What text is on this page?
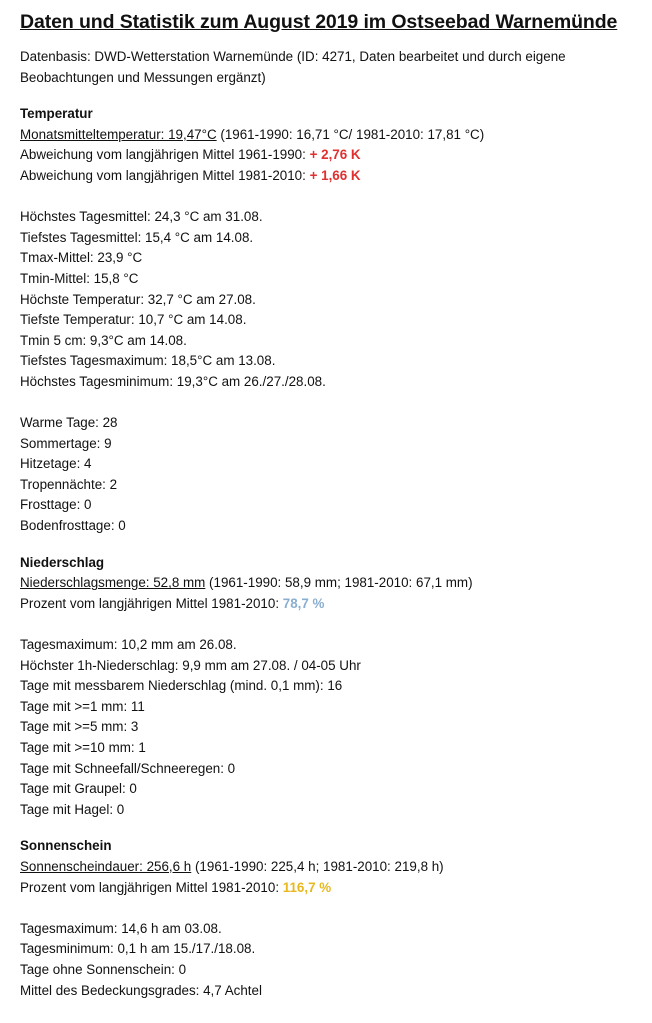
Daten und Statistik zum August 2019 im Ostseebad Warnemünde
Datenbasis: DWD-Wetterstation Warnemünde (ID: 4271, Daten bearbeitet und durch eigene
Beobachtungen und Messungen ergänzt)
Temperatur
Monatsmitteltemperatur: 19,47°C (1961-1990: 16,71 °C/ 1981-2010: 17,81 °C)
Abweichung vom langjährigen Mittel 1961-1990: + 2,76 K
Abweichung vom langjährigen Mittel 1981-2010: + 1,66 K
Höchstes Tagesmittel: 24,3 °C am 31.08.
Tiefstes Tagesmittel: 15,4 °C am 14.08.
Tmax-Mittel: 23,9 °C
Tmin-Mittel: 15,8 °C
Höchste Temperatur: 32,7 °C am 27.08.
Tiefste Temperatur: 10,7 °C am 14.08.
Tmin 5 cm: 9,3°C am 14.08.
Tiefstes Tagesmaximum: 18,5°C am 13.08.
Höchstes Tagesminimum: 19,3°C am 26./27./28.08.
Warme Tage: 28
Sommertage: 9
Hitzetage: 4
Tropennächte: 2
Frosttage: 0
Bodenfrosttage: 0
Niederschlag
Niederschlagsmenge: 52,8 mm (1961-1990: 58,9 mm; 1981-2010: 67,1 mm)
Prozent vom langjährigen Mittel 1981-2010: 78,7 %
Tagesmaximum: 10,2 mm am 26.08.
Höchster 1h-Niederschlag: 9,9 mm am 27.08. / 04-05 Uhr
Tage mit messbarem Niederschlag (mind. 0,1 mm): 16
Tage mit >=1 mm: 11
Tage mit >=5 mm: 3
Tage mit >=10 mm: 1
Tage mit Schneefall/Schneeregen: 0
Tage mit Graupel: 0
Tage mit Hagel: 0
Sonnenschein
Sonnenscheindauer: 256,6 h (1961-1990: 225,4 h; 1981-2010: 219,8 h)
Prozent vom langjährigen Mittel 1981-2010: 116,7 %
Tagesmaximum: 14,6 h am 03.08.
Tagesminimum: 0,1 h am 15./17./18.08.
Tage ohne Sonnenschein: 0
Mittel des Bedeckungsgrades: 4,7 Achtel
